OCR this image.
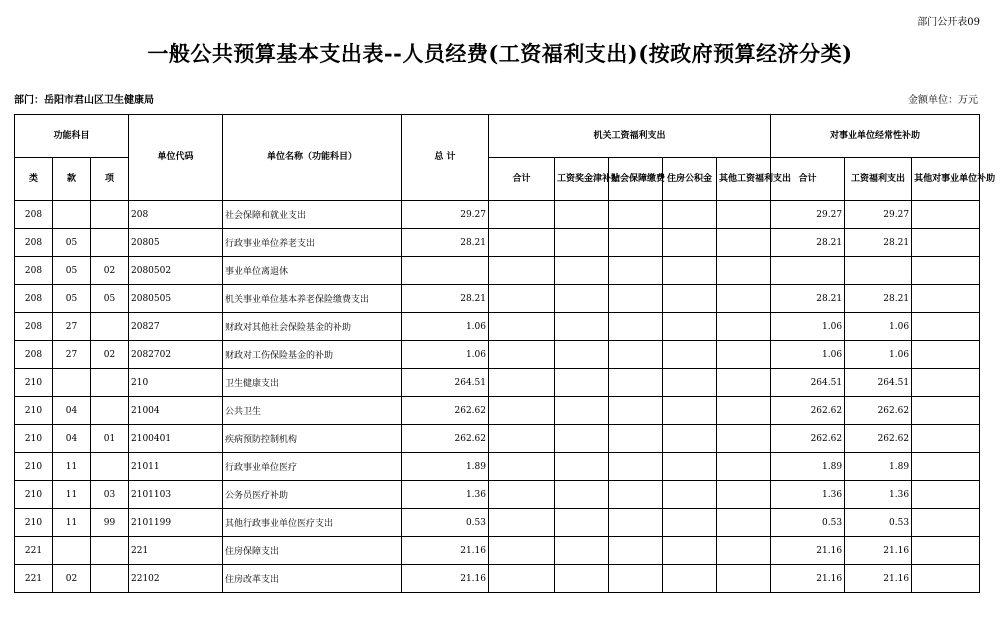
部门公开表09
一般公共预算基本支出表--人员经费(工资福利支出)(按政府预算经济分类)
部门：岳阳市君山区卫生健康局	金额单位：万元
功能科目			单位代码	单位名称（功能科目）	总 计	机关工资福利支出					对事业单位经常性补助		
类	款	项				合计	工资奖金津补贴	社会保障缴费	住房公积金	其他工资福利支出	合计	工资福利支出	其他对事业单位补助
208			208	社会保障和就业支出	29.27						29.27	29.27	
208	05		20805	行政事业单位养老支出	28.21						28.21	28.21	
208	05	02	2080502	事业单位离退休									
208	05	05	2080505	机关事业单位基本养老保险缴费支出	28.21						28.21	28.21	
208	27		20827	财政对其他社会保险基金的补助	1.06						1.06	1.06	
208	27	02	2082702	财政对工伤保险基金的补助	1.06						1.06	1.06	
210			210	卫生健康支出	264.51						264.51	264.51	
210	04		21004	公共卫生	262.62						262.62	262.62	
210	04	01	2100401	疾病预防控制机构	262.62						262.62	262.62	
210	11		21011	行政事业单位医疗	1.89						1.89	1.89	
210	11	03	2101103	公务员医疗补助	1.36						1.36	1.36	
210	11	99	2101199	其他行政事业单位医疗支出	0.53						0.53	0.53	
221			221	住房保障支出	21.16						21.16	21.16	
221	02		22102	住房改革支出	21.16						21.16	21.16	
